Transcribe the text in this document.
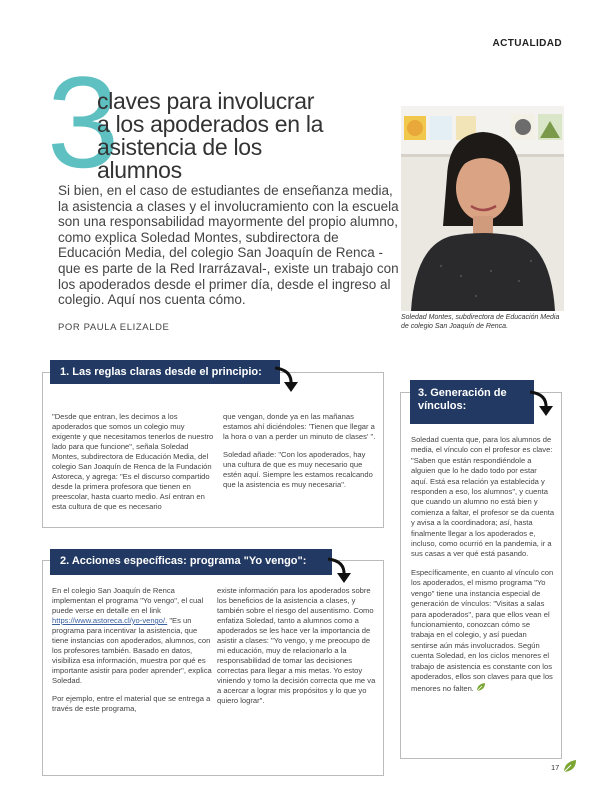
ACTUALIDAD
3
claves para involucrar
a los apoderados en la
asistencia de los alumnos

Si bien, en el caso de estudiantes de enseñanza media, la asistencia a clases y el involucramiento con la escuela son una responsabilidad mayormente del propio alumno, como explica Soledad Montes, subdirectora de Educación Media, del colegio San Joaquín de Renca -que es parte de la Red Irarrázaval-, existe un trabajo con los apoderados desde el primer día, desde el ingreso al colegio. Aquí nos cuenta cómo.

POR PAULA ELIZALDE
Soledad Montes, subdirectora de Educación Media de colegio San Joaquín de Renca.
1. Las reglas claras desde el principio:

"Desde que entran, les decimos a los apoderados que somos un colegio muy exigente y que necesitamos tenerlos de nuestro lado para que funcione", señala Soledad Montes, subdirectora de Educación Media, del colegio San Joaquín de Renca de la Fundación Astoreca, y agrega: "Es el discurso compartido desde la primera profesora que tienen en preescolar, hasta cuarto medio. Así entran en esta cultura de que es necesario

que vengan, donde ya en las mañanas estamos ahí diciéndoles: 'Tienen que llegar a la hora o van a perder un minuto de clases' ".

Soledad añade: "Con los apoderados, hay una cultura de que es muy necesario que estén aquí. Siempre les estamos recalcando que la asistencia es muy necesaria".

2. Acciones específicas: programa "Yo vengo":

En el colegio San Joaquín de Renca implementan el programa "Yo vengo", el cual puede verse en detalle en el link https://www.astoreca.cl/yo-vengo/. "Es un programa para incentivar la asistencia, que tiene instancias con apoderados, alumnos, con los profesores también. Basado en datos, visibiliza esa información, muestra por qué es importante asistir para poder aprender", explica Soledad.

Por ejemplo, entre el material que se entrega a través de este programa,

existe información para los apoderados sobre los beneficios de la asistencia a clases, y también sobre el riesgo del ausentismo. Como enfatiza Soledad, tanto a alumnos como a apoderados se les hace ver la importancia de asistir a clases: "Yo vengo, y me preocupo de mi educación, muy de relacionarlo a la responsabilidad de tomar las decisiones correctas para llegar a mis metas. Yo estoy viniendo y tomo la decisión correcta que me va a acercar a lograr mis propósitos y lo que yo quiero lograr".

3. Generación de
vínculos:

Soledad cuenta que, para los alumnos de media, el vínculo con el profesor es clave: "Saben que están respondiéndole a alguien que lo he dado todo por estar aquí. Está esa relación ya establecida y responden a eso, los alumnos", y cuenta que cuando un alumno no está bien y comienza a faltar, el profesor se da cuenta y avisa a la coordinadora; así, hasta finalmente llegar a los apoderados e, incluso, como ocurrió en la pandemia, ir a sus casas a ver qué está pasando.

Específicamente, en cuanto al vínculo con los apoderados, el mismo programa "Yo vengo" tiene una instancia especial de generación de vínculos: "Visitas a salas para apoderados", para que ellos vean el funcionamiento, conozcan cómo se trabaja en el colegio, y así puedan sentirse aún más involucrados. Según cuenta Soledad, en los ciclos menores el trabajo de asistencia es constante con los apoderados, ellos son claves para que los menores no falten.

17
